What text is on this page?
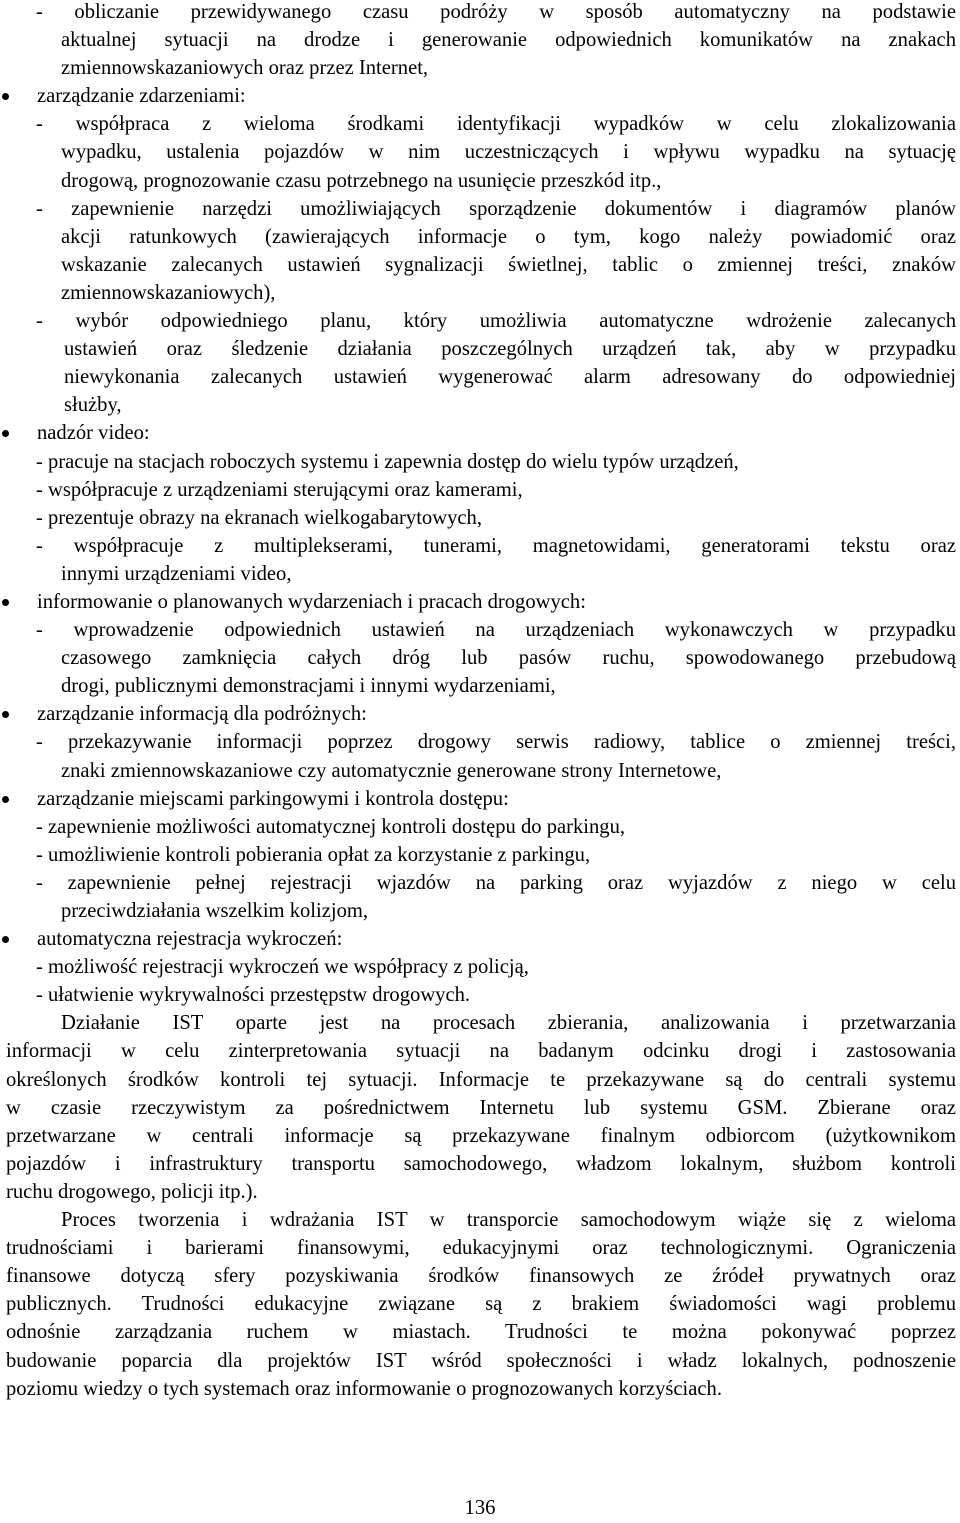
- obliczanie przewidywanego czasu podróży w sposób automatyczny na podstawie
aktualnej sytuacji na drodze i generowanie odpowiednich komunikatów na znakach
zmiennowskazaniowych oraz przez Internet,
zarządzanie zdarzeniami:
- współpraca z wieloma środkami identyfikacji wypadków w celu zlokalizowania
wypadku, ustalenia pojazdów w nim uczestniczących i wpływu wypadku na sytuację
drogową, prognozowanie czasu potrzebnego na usunięcie przeszkód itp.,
- zapewnienie narzędzi umożliwiających sporządzenie dokumentów i diagramów planów
akcji ratunkowych (zawierających informacje o tym, kogo należy powiadomić oraz
wskazanie zalecanych ustawień sygnalizacji świetlnej, tablic o zmiennej treści, znaków
zmiennowskazaniowych),
- wybór odpowiedniego planu, który umożliwia automatyczne wdrożenie zalecanych
ustawień oraz śledzenie działania poszczególnych urządzeń tak, aby w przypadku
niewykonania zalecanych ustawień wygenerować alarm adresowany do odpowiedniej
służby,
nadzór video:
- pracuje na stacjach roboczych systemu i zapewnia dostęp do wielu typów urządzeń,
- współpracuje z urządzeniami sterującymi oraz kamerami,
- prezentuje obrazy na ekranach wielkogabarytowych,
- współpracuje z multiplekserami, tunerami, magnetowidami, generatorami tekstu oraz
innymi urządzeniami video,
informowanie o planowanych wydarzeniach i pracach drogowych:
- wprowadzenie odpowiednich ustawień na urządzeniach wykonawczych w przypadku
czasowego zamknięcia całych dróg lub pasów ruchu, spowodowanego przebudową
drogi, publicznymi demonstracjami i innymi wydarzeniami,
zarządzanie informacją dla podróżnych:
- przekazywanie informacji poprzez drogowy serwis radiowy, tablice o zmiennej treści,
znaki zmiennowskazaniowe czy automatycznie generowane strony Internetowe,
zarządzanie miejscami parkingowymi i kontrola dostępu:
- zapewnienie możliwości automatycznej kontroli dostępu do parkingu,
- umożliwienie kontroli pobierania opłat za korzystanie z parkingu,
- zapewnienie pełnej rejestracji wjazdów na parking oraz wyjazdów z niego w celu
przeciwdziałania wszelkim kolizjom,
automatyczna rejestracja wykroczeń:
- możliwość rejestracji wykroczeń we współpracy z policją,
- ułatwienie wykrywalności przestępstw drogowych.
Działanie IST oparte jest na procesach zbierania, analizowania i przetwarzania
informacji w celu zinterpretowania sytuacji na badanym odcinku drogi i zastosowania
określonych środków kontroli tej sytuacji. Informacje te przekazywane są do centrali systemu
w czasie rzeczywistym za pośrednictwem Internetu lub systemu GSM. Zbierane oraz
przetwarzane w centrali informacje są przekazywane finalnym odbiorcom (użytkownikom
pojazdów i infrastruktury transportu samochodowego, władzom lokalnym, służbom kontroli
ruchu drogowego, policji itp.).
Proces tworzenia i wdrażania IST w transporcie samochodowym wiąże się z wieloma
trudnościami i barierami finansowymi, edukacyjnymi oraz technologicznymi. Ograniczenia
finansowe dotyczą sfery pozyskiwania środków finansowych ze źródeł prywatnych oraz
publicznych. Trudności edukacyjne związane są z brakiem świadomości wagi problemu
odnośnie zarządzania ruchem w miastach. Trudności te można pokonywać poprzez
budowanie poparcia dla projektów IST wśród społeczności i władz lokalnych, podnoszenie
poziomu wiedzy o tych systemach oraz informowanie o prognozowanych korzyściach.
136
